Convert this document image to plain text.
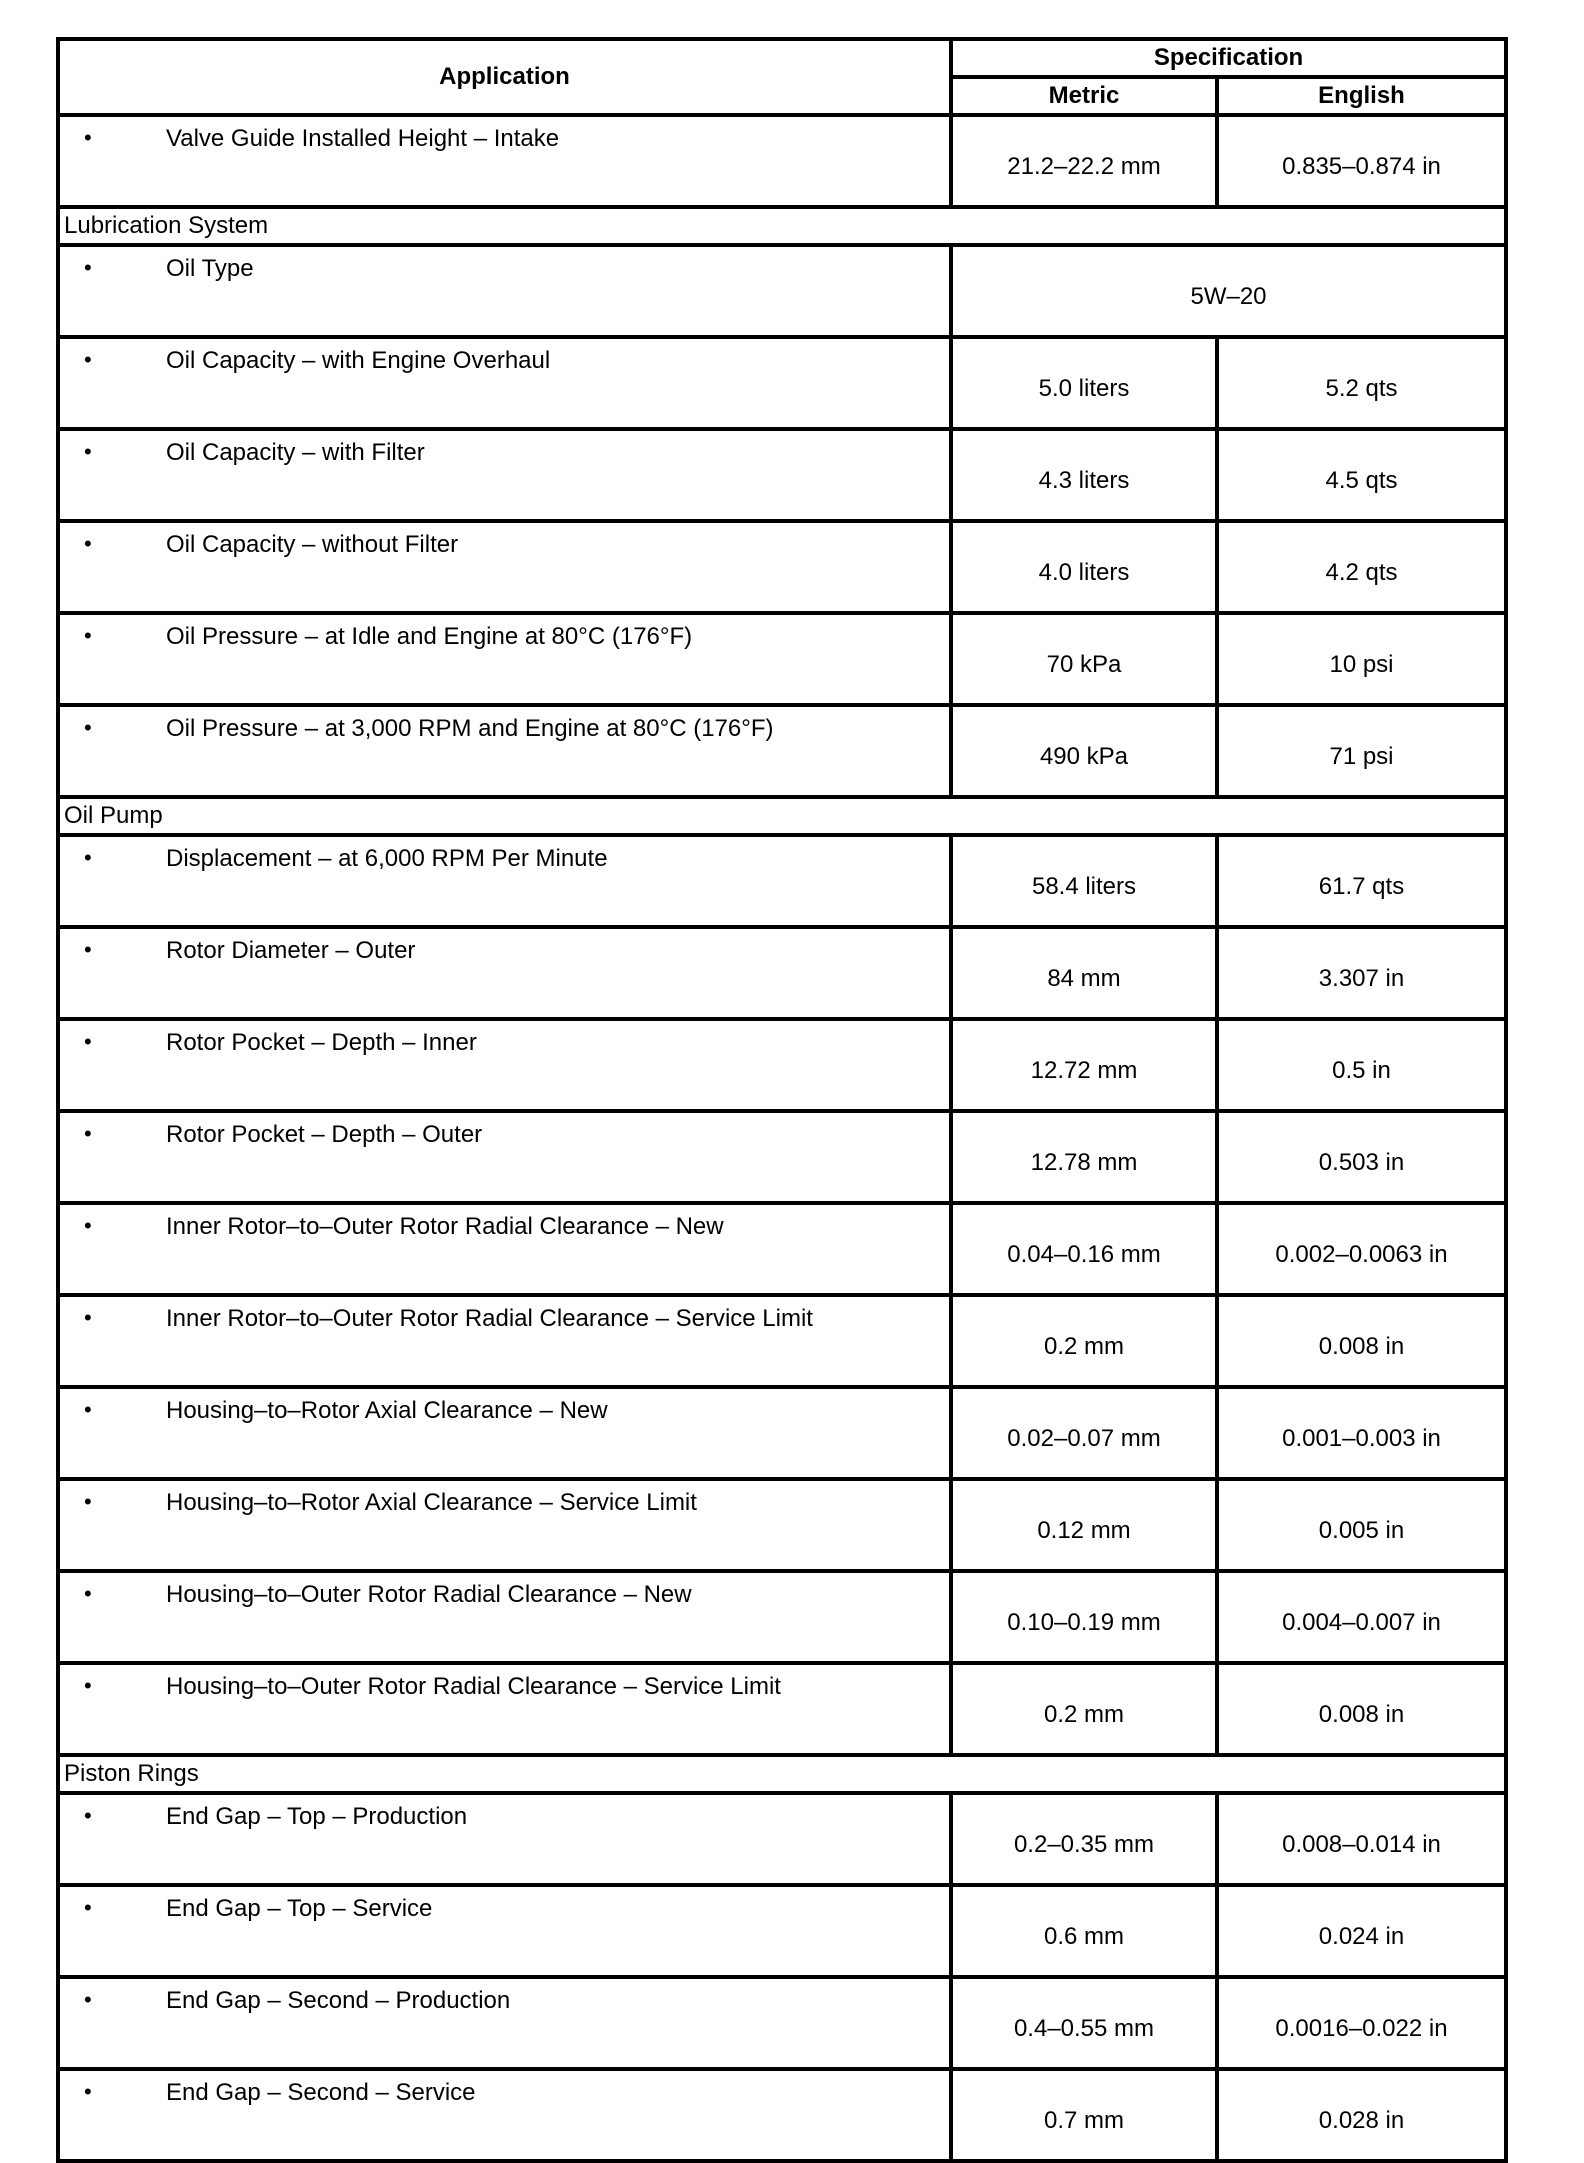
Application	Specification	
	Metric	English

• Valve Guide Installed Height – Intake	21.2–22.2 mm	0.835–0.874 in
Lubrication System		

• Oil Type	5W–20	

• Oil Capacity – with Engine Overhaul	5.0 liters	5.2 qts

• Oil Capacity – with Filter	4.3 liters	4.5 qts

• Oil Capacity – without Filter	4.0 liters	4.2 qts

• Oil Pressure – at Idle and Engine at 80°C (176°F)	70 kPa	10 psi

• Oil Pressure – at 3,000 RPM and Engine at 80°C (176°F)	490 kPa	71 psi
Oil Pump		

• Displacement – at 6,000 RPM Per Minute	58.4 liters	61.7 qts

• Rotor Diameter – Outer	84 mm	3.307 in

• Rotor Pocket – Depth – Inner	12.72 mm	0.5 in

• Rotor Pocket – Depth – Outer	12.78 mm	0.503 in

• Inner Rotor–to–Outer Rotor Radial Clearance – New	0.04–0.16 mm	0.002–0.0063 in

• Inner Rotor–to–Outer Rotor Radial Clearance – Service Limit	0.2 mm	0.008 in

• Housing–to–Rotor Axial Clearance – New	0.02–0.07 mm	0.001–0.003 in

• Housing–to–Rotor Axial Clearance – Service Limit	0.12 mm	0.005 in

• Housing–to–Outer Rotor Radial Clearance – New	0.10–0.19 mm	0.004–0.007 in

• Housing–to–Outer Rotor Radial Clearance – Service Limit	0.2 mm	0.008 in
Piston Rings		

• End Gap – Top – Production	0.2–0.35 mm	0.008–0.014 in

• End Gap – Top – Service	0.6 mm	0.024 in

• End Gap – Second – Production	0.4–0.55 mm	0.0016–0.022 in

• End Gap – Second – Service	0.7 mm	0.028 in
